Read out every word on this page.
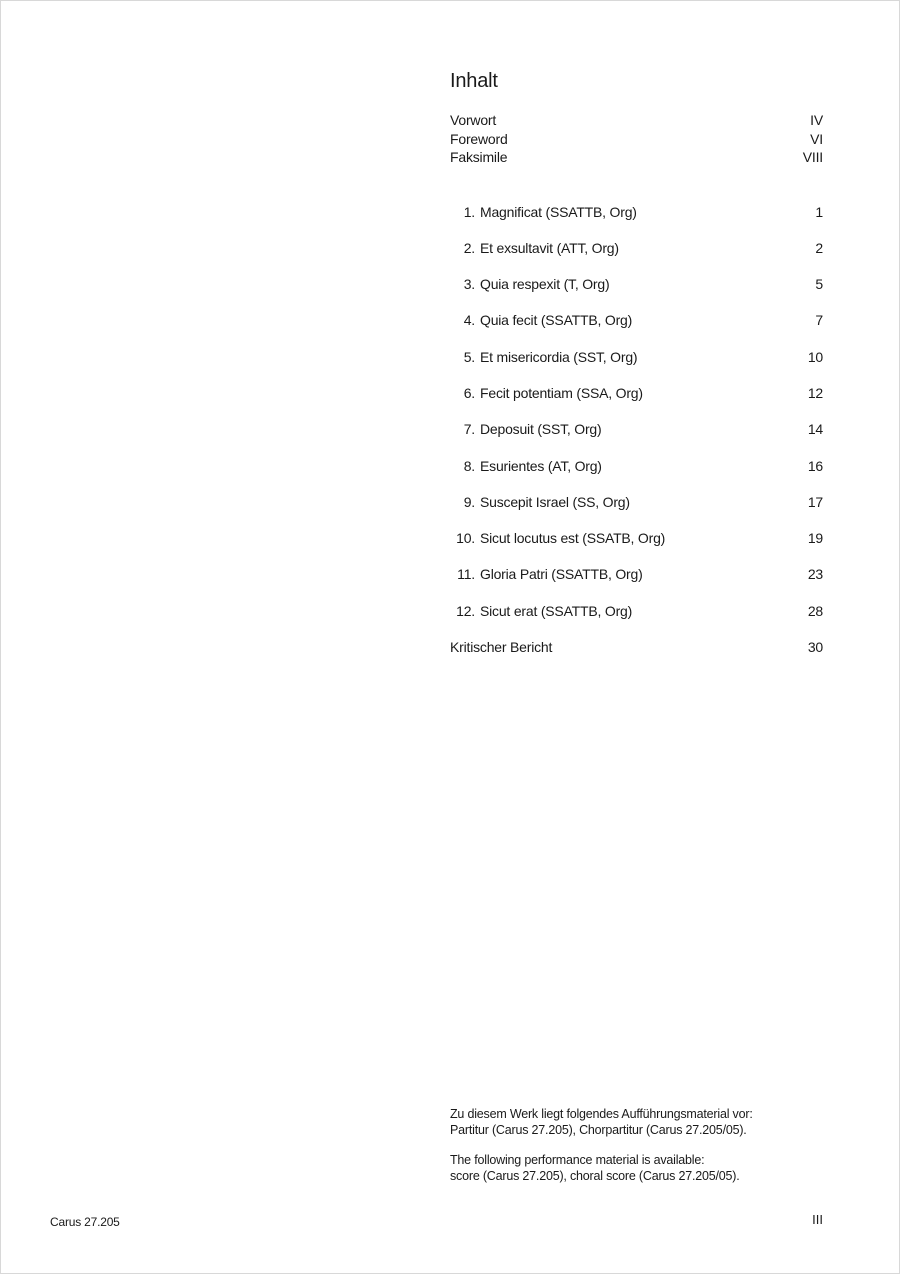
Inhalt
Vorwort	IV
Foreword	VI
Faksimile	VIII
1. Magnificat (SSATTB, Org)	1
2. Et exsultavit (ATT, Org)	2
3. Quia respexit (T, Org)	5
4. Quia fecit (SSATTB, Org)	7
5. Et misericordia (SST, Org)	10
6. Fecit potentiam (SSA, Org)	12
7. Deposuit (SST, Org)	14
8. Esurientes (AT, Org)	16
9. Suscepit Israel (SS, Org)	17
10. Sicut locutus est (SSATB, Org)	19
11. Gloria Patri (SSATTB, Org)	23
12. Sicut erat (SSATTB, Org)	28
Kritischer Bericht	30

Zu diesem Werk liegt folgendes Aufführungsmaterial vor:
Partitur (Carus 27.205), Chorpartitur (Carus 27.205/05).

The following performance material is available:
score (Carus 27.205), choral score (Carus 27.205/05).

Carus 27.205	III
